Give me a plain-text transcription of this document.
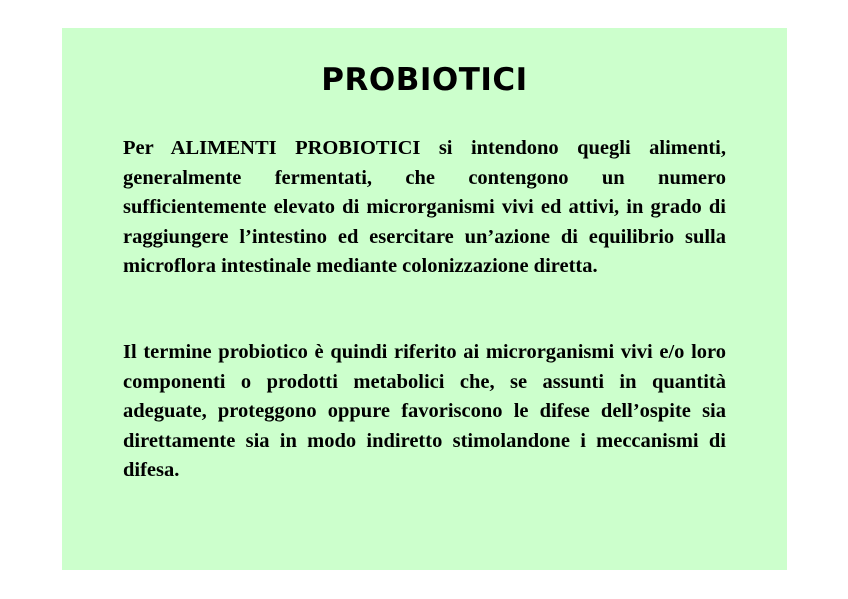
PROBIOTICI

Per ALIMENTI PROBIOTICI si intendono quegli alimenti, generalmente fermentati, che contengono un numero sufficientemente elevato di microrganismi vivi ed attivi, in grado di raggiungere l’intestino ed esercitare un’azione di equilibrio sulla microflora intestinale mediante colonizzazione diretta.

Il termine probiotico è quindi riferito ai microrganismi vivi e/o loro componenti o prodotti metabolici che, se assunti in quantità adeguate, proteggono oppure favoriscono le difese dell’ospite sia direttamente sia in modo indiretto stimolandone i meccanismi di difesa.
